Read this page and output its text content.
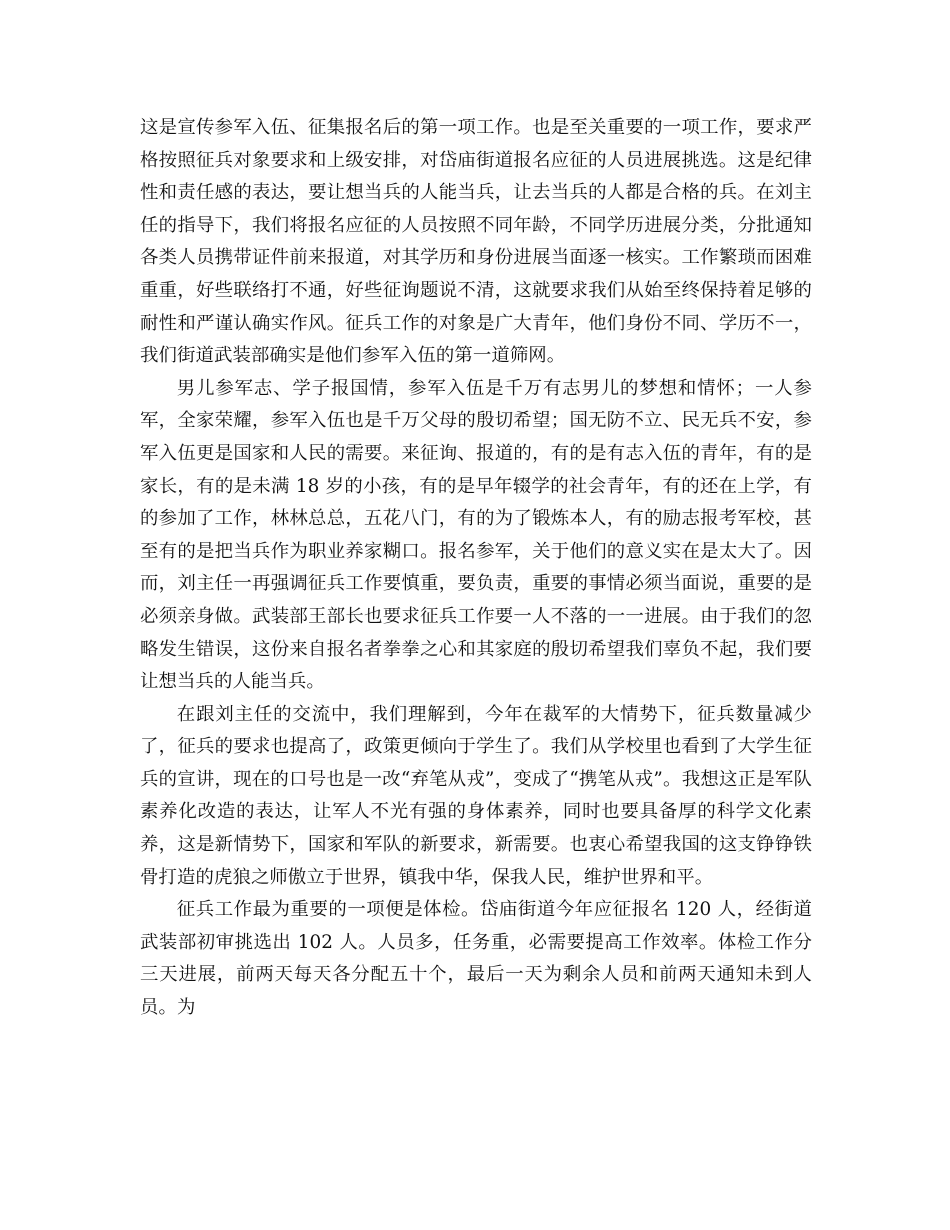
这是宣传参军入伍、征集报名后的第一项工作。也是至关重要的一项工作，要求严格按照征兵对象要求和上级安排，对岱庙街道报名应征的人员进展挑选。这是纪律性和责任感的表达，要让想当兵的人能当兵，让去当兵的人都是合格的兵。在刘主任的指导下，我们将报名应征的人员按照不同年龄，不同学历进展分类，分批通知各类人员携带证件前来报道，对其学历和身份进展当面逐一核实。工作繁琐而困难重重，好些联络打不通，好些征询题说不清，这就要求我们从始至终保持着足够的耐性和严谨认确实作风。征兵工作的对象是广大青年，他们身份不同、学历不一，我们街道武装部确实是他们参军入伍的第一道筛网。

男儿参军志、学子报国情，参军入伍是千万有志男儿的梦想和情怀；一人参军，全家荣耀，参军入伍也是千万父母的殷切希望；国无防不立、民无兵不安，参军入伍更是国家和人民的需要。来征询、报道的，有的是有志入伍的青年，有的是家长，有的是未满 18 岁的小孩，有的是早年辍学的社会青年，有的还在上学，有的参加了工作，林林总总，五花八门，有的为了锻炼本人，有的励志报考军校，甚至有的是把当兵作为职业养家糊口。报名参军，关于他们的意义实在是太大了。因而，刘主任一再强调征兵工作要慎重，要负责，重要的事情必须当面说，重要的是必须亲身做。武装部王部长也要求征兵工作要一人不落的一一进展。由于我们的忽略发生错误，这份来自报名者拳拳之心和其家庭的殷切希望我们辜负不起，我们要让想当兵的人能当兵。

在跟刘主任的交流中，我们理解到，今年在裁军的大情势下，征兵数量减少了，征兵的要求也提高了，政策更倾向于学生了。我们从学校里也看到了大学生征兵的宣讲，现在的口号也是一改“弃笔从戎”，变成了“携笔从戎”。我想这正是军队素养化改造的表达，让军人不光有强的身体素养，同时也要具备厚的科学文化素养，这是新情势下，国家和军队的新要求，新需要。也衷心希望我国的这支铮铮铁骨打造的虎狼之师傲立于世界，镇我中华，保我人民，维护世界和平。

征兵工作最为重要的一项便是体检。岱庙街道今年应征报名 120 人，经街道武装部初审挑选出 102 人。人员多，任务重，必需要提高工作效率。体检工作分三天进展，前两天每天各分配五十个，最后一天为剩余人员和前两天通知未到人员。为
